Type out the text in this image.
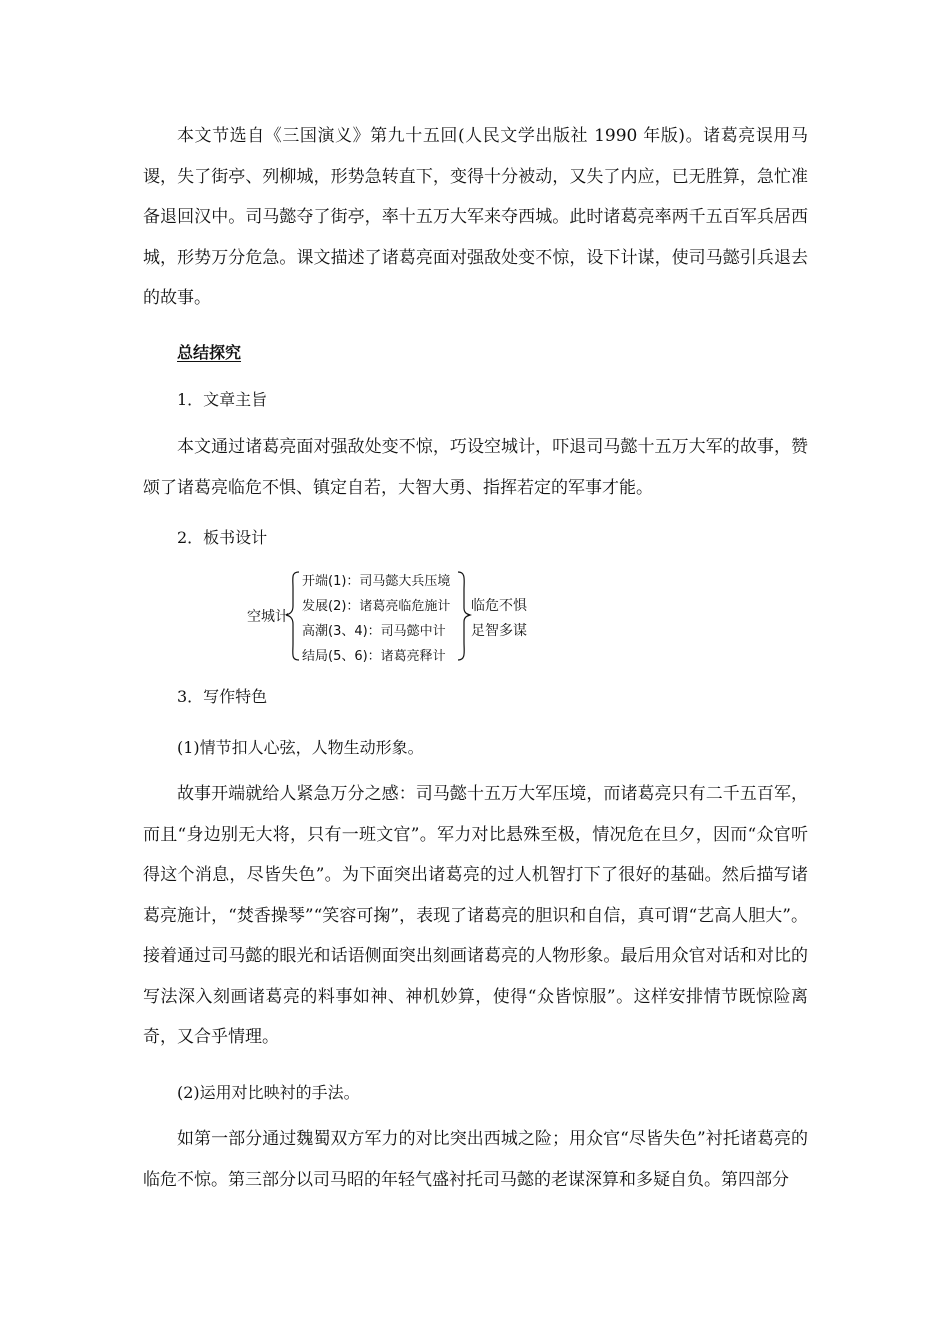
本文节选自《三国演义》第九十五回(人民文学出版社 1990 年版)。诸葛亮误用马谡，失了街亭、列柳城，形势急转直下，变得十分被动，又失了内应，已无胜算，急忙准备退回汉中。司马懿夺了街亭，率十五万大军来夺西城。此时诸葛亮率两千五百军兵居西城，形势万分危急。课文描述了诸葛亮面对强敌处变不惊，设下计谋，使司马懿引兵退去的故事。

总结探究

1．文章主旨

本文通过诸葛亮面对强敌处变不惊，巧设空城计，吓退司马懿十五万大军的故事，赞颂了诸葛亮临危不惧、镇定自若，大智大勇、指挥若定的军事才能。

2．板书设计

空城计
开端(1)：司马懿大兵压境
发展(2)：诸葛亮临危施计
高潮(3、4)：司马懿中计
结局(5、6)：诸葛亮释计
临危不惧
足智多谋

3．写作特色

(1)情节扣人心弦，人物生动形象。

故事开端就给人紧急万分之感：司马懿十五万大军压境，而诸葛亮只有二千五百军，而且“身边别无大将，只有一班文官”。军力对比悬殊至极，情况危在旦夕，因而“众官听得这个消息，尽皆失色”。为下面突出诸葛亮的过人机智打下了很好的基础。然后描写诸葛亮施计，“焚香操琴”“笑容可掬”，表现了诸葛亮的胆识和自信，真可谓“艺高人胆大”。接着通过司马懿的眼光和话语侧面突出刻画诸葛亮的人物形象。最后用众官对话和对比的写法深入刻画诸葛亮的料事如神、神机妙算，使得“众皆惊服”。这样安排情节既惊险离奇，又合乎情理。

(2)运用对比映衬的手法。

如第一部分通过魏蜀双方军力的对比突出西城之险；用众官“尽皆失色”衬托诸葛亮的临危不惊。第三部分以司马昭的年轻气盛衬托司马懿的老谋深算和多疑自负。第四部分
